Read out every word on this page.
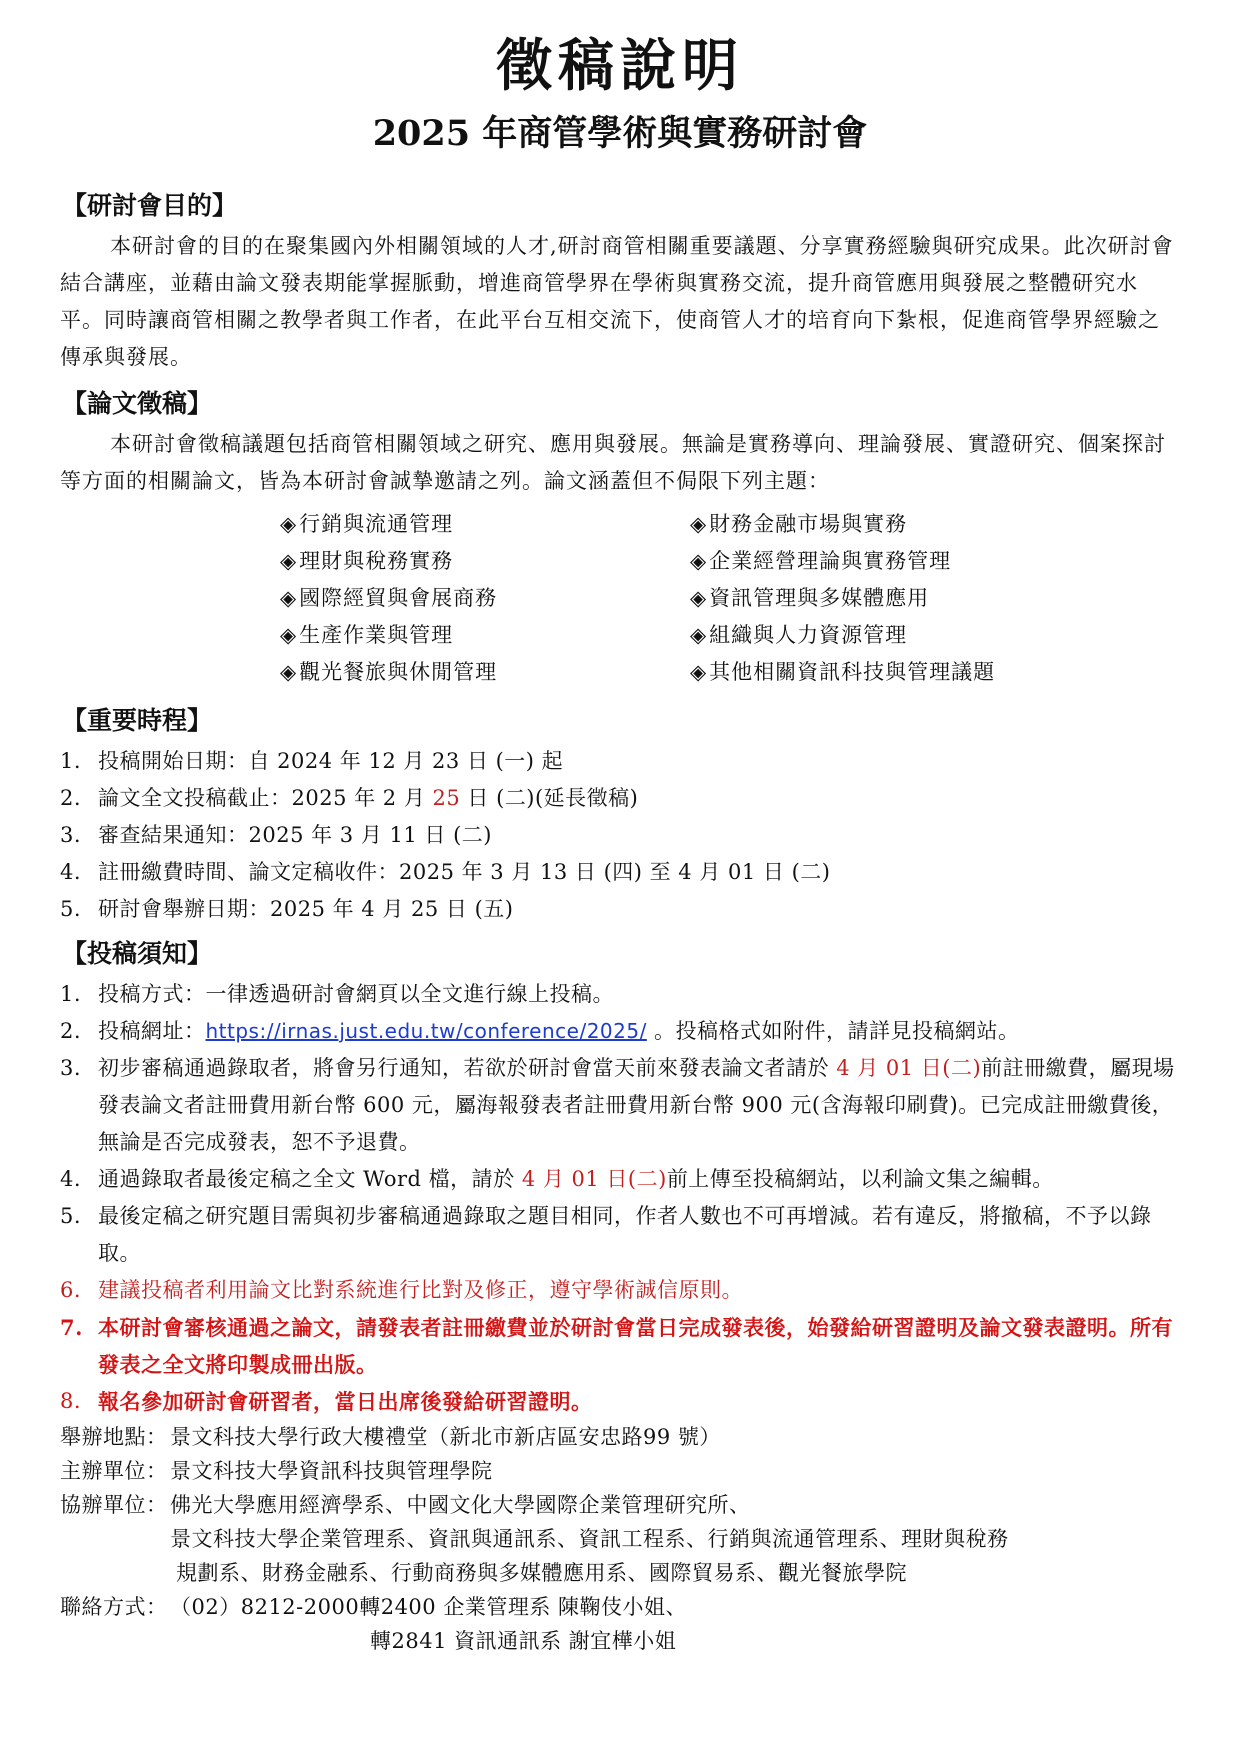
徵稿說明
2025 年商管學術與實務研討會
【研討會目的】

本研討會的目的在聚集國內外相關領域的人才,研討商管相關重要議題、分享實務經驗與研究成果。此次研討會結合講座，並藉由論文發表期能掌握脈動，增進商管學界在學術與實務交流，提升商管應用與發展之整體研究水平。同時讓商管相關之教學者與工作者，在此平台互相交流下，使商管人才的培育向下紮根，促進商管學界經驗之傳承與發展。

【論文徵稿】

本研討會徵稿議題包括商管相關領域之研究、應用與發展。無論是實務導向、理論發展、實證研究、個案探討等方面的相關論文，皆為本研討會誠摯邀請之列。論文涵蓋但不侷限下列主題：

◈行銷與流通管理	◈財務金融市場與實務
◈理財與稅務實務	◈企業經營理論與實務管理
◈國際經貿與會展商務	◈資訊管理與多媒體應用
◈生產作業與管理	◈組織與人力資源管理
◈觀光餐旅與休閒管理	◈其他相關資訊科技與管理議題
【重要時程】
1. 投稿開始日期：自 2024 年 12 月 23 日 (一) 起
2. 論文全文投稿截止：2025 年 2 月 25 日 (二)(延長徵稿)
3. 審查結果通知：2025 年 3 月 11 日 (二)
4. 註冊繳費時間、論文定稿收件：2025 年 3 月 13 日 (四) 至 4 月 01 日 (二)
5. 研討會舉辦日期：2025 年 4 月 25 日 (五)
【投稿須知】
1. 投稿方式：一律透過研討會網頁以全文進行線上投稿。
2. 投稿網址：https://irnas.just.edu.tw/conference/2025/ 。投稿格式如附件，請詳見投稿網站。
3. 初步審稿通過錄取者，將會另行通知，若欲於研討會當天前來發表論文者請於 4 月 01 日(二)前註冊繳費，屬現場發表論文者註冊費用新台幣 600 元，屬海報發表者註冊費用新台幣 900 元(含海報印刷費)。已完成註冊繳費後，無論是否完成發表，恕不予退費。
4. 通過錄取者最後定稿之全文 Word 檔，請於 4 月 01 日(二)前上傳至投稿網站，以利論文集之編輯。
5. 最後定稿之研究題目需與初步審稿通過錄取之題目相同，作者人數也不可再增減。若有違反，將撤稿，不予以錄取。
6. 建議投稿者利用論文比對系統進行比對及修正，遵守學術誠信原則。
7. 本研討會審核通過之論文，請發表者註冊繳費並於研討會當日完成發表後，始發給研習證明及論文發表證明。所有發表之全文將印製成冊出版。
8. 報名參加研討會研習者，當日出席後發給研習證明。
舉辦地點： 景文科技大學行政大樓禮堂（新北市新店區安忠路99 號）
主辦單位： 景文科技大學資訊科技與管理學院
協辦單位： 佛光大學應用經濟學系、中國文化大學國際企業管理研究所、
景文科技大學企業管理系、資訊與通訊系、資訊工程系、行銷與流通管理系、理財與稅務
規劃系、財務金融系、行動商務與多媒體應用系、國際貿易系、觀光餐旅學院
聯絡方式： （02）8212-2000轉2400 企業管理系 陳鞠伎小姐、
轉2841 資訊通訊系 謝宜樺小姐
